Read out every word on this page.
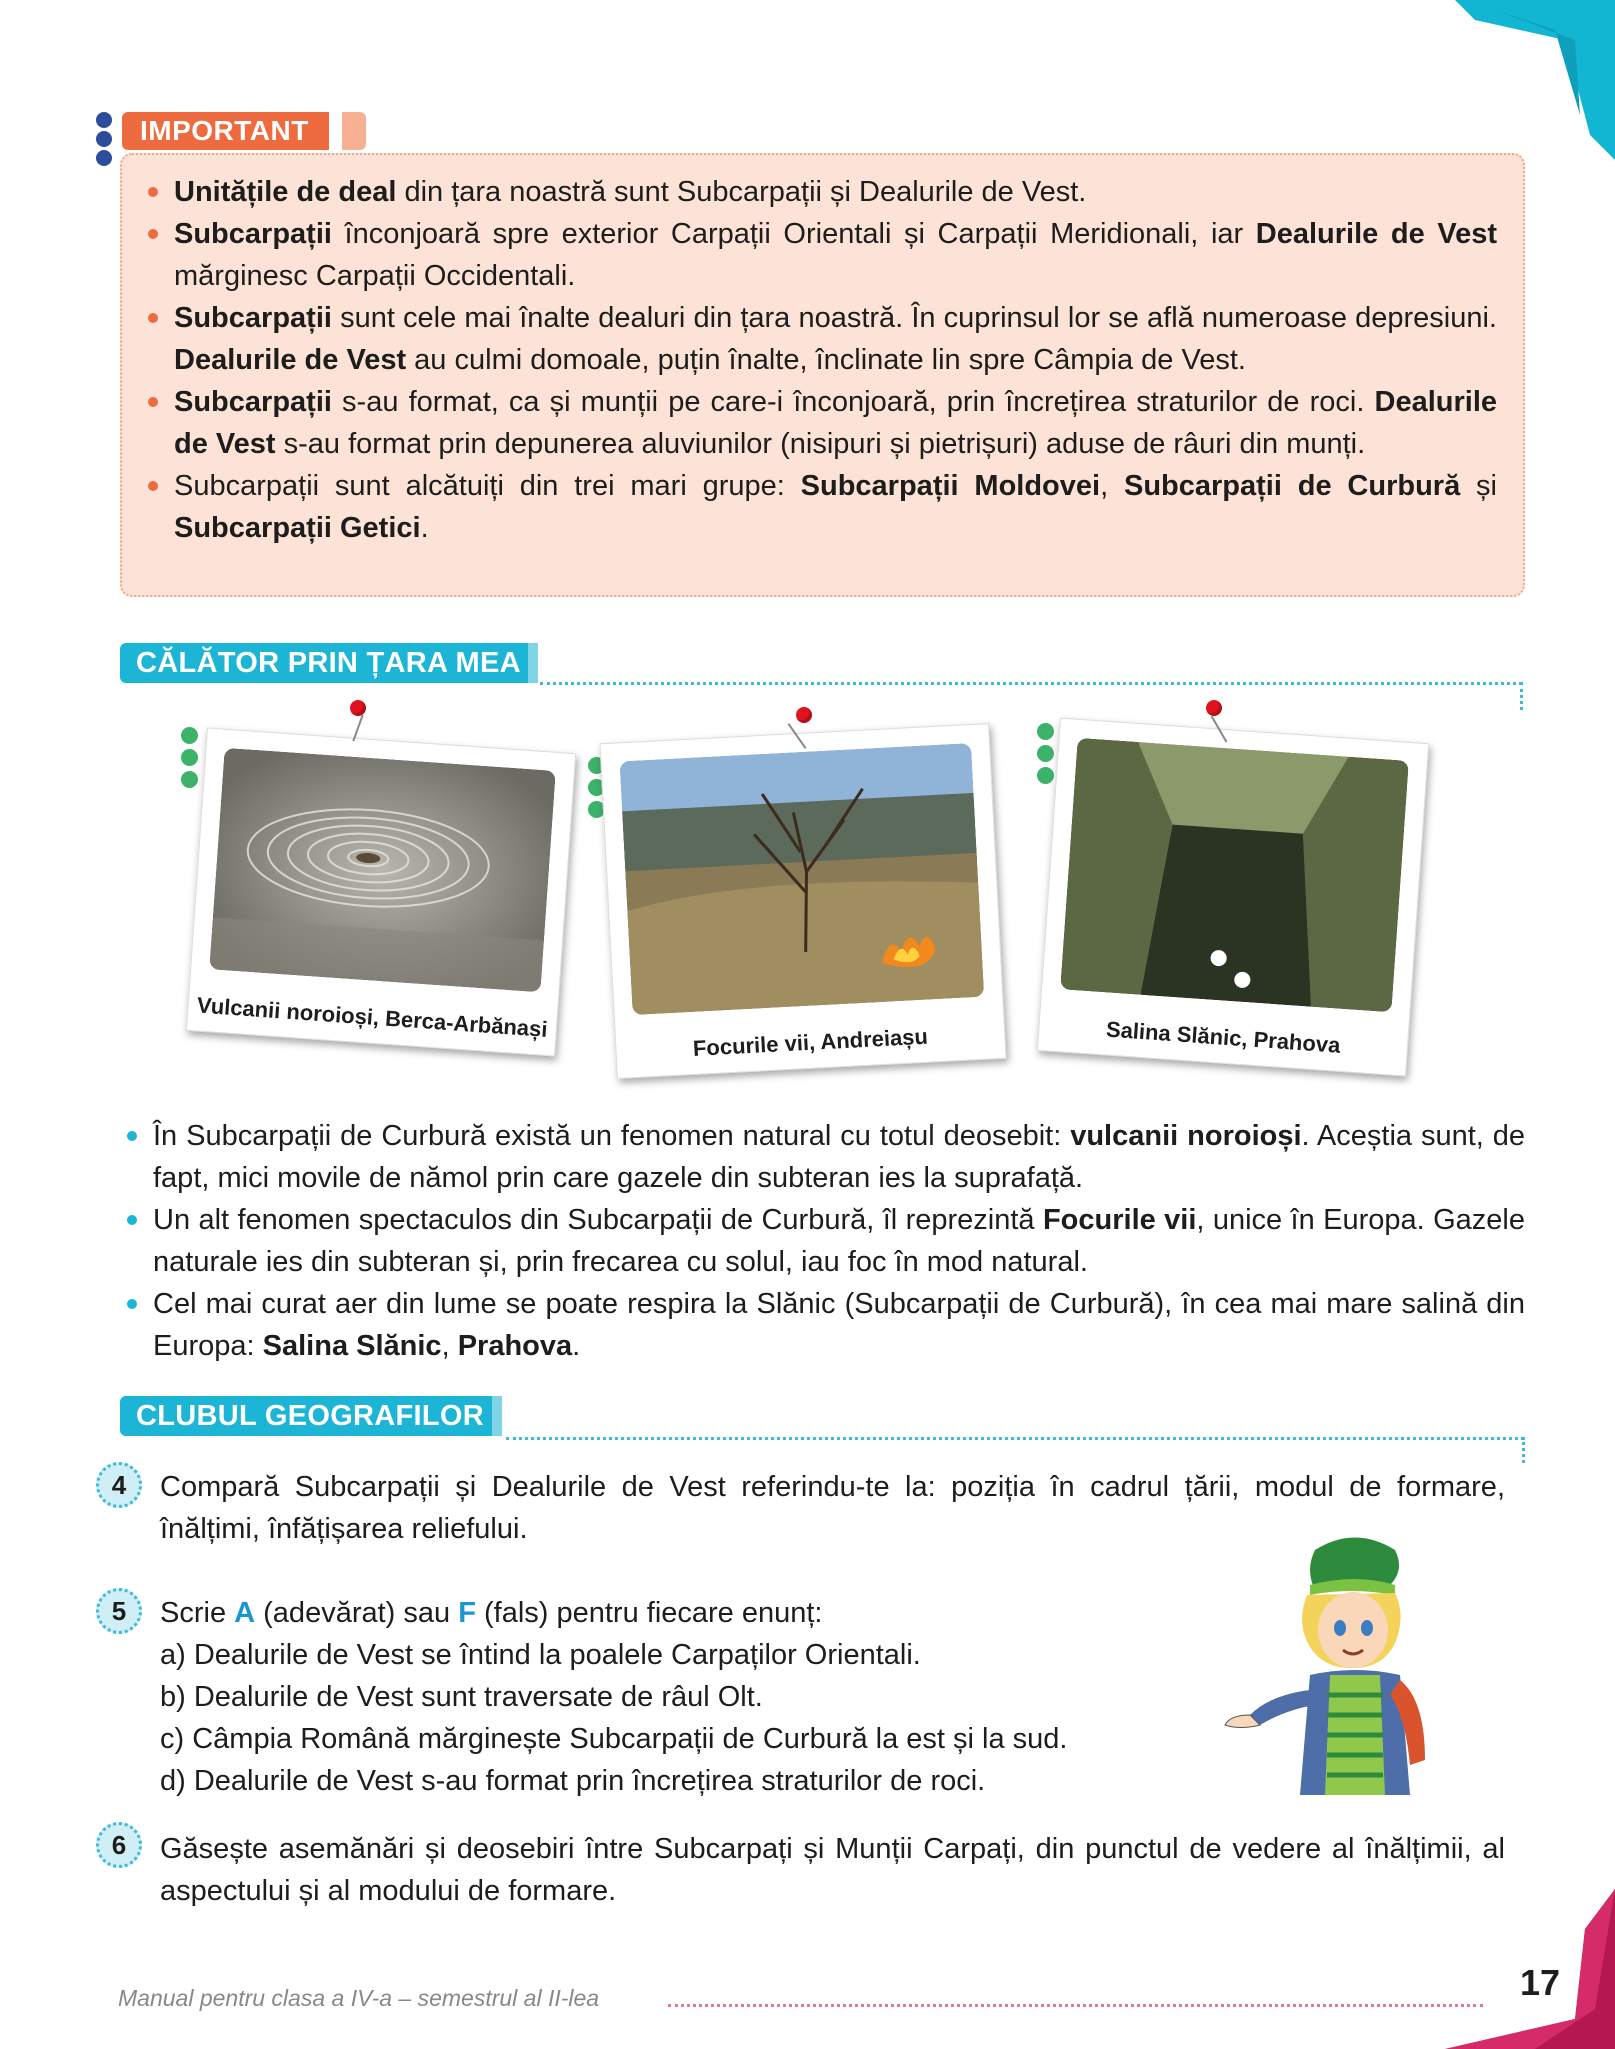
IMPORTANT
Unitățile de deal din țara noastră sunt Subcarpații și Dealurile de Vest.
Subcarpații înconjoară spre exterior Carpații Orientali și Carpații Meridionali, iar Dealurile de Vest mărginesc Carpații Occidentali.
Subcarpații sunt cele mai înalte dealuri din țara noastră. În cuprinsul lor se află numeroase depresiuni. Dealurile de Vest au culmi domoale, puțin înalte, înclinate lin spre Câmpia de Vest.
Subcarpații s-au format, ca și munții pe care-i înconjoară, prin încrețirea straturilor de roci. Dealurile de Vest s-au format prin depunerea aluviunilor (nisipuri și pietrișuri) aduse de râuri din munți.
Subcarpații sunt alcătuiți din trei mari grupe: Subcarpații Moldovei, Subcarpații de Curbură și Subcarpații Getici.
CĂLĂTOR PRIN ȚARA MEA
Vulcanii noroioși, Berca-Arbănași
Focurile vii, Andreiașu	Salina Slănic, Prahova
În Subcarpații de Curbură există un fenomen natural cu totul deosebit: vulcanii noroioși. Aceștia sunt, de fapt, mici movile de nămol prin care gazele din subteran ies la suprafață.
Un alt fenomen spectaculos din Subcarpații de Curbură, îl reprezintă Focurile vii, unice în Europa. Gazele naturale ies din subteran și, prin frecarea cu solul, iau foc în mod natural.
Cel mai curat aer din lume se poate respira la Slănic (Subcarpații de Curbură), în cea mai mare salină din Europa: Salina Slănic, Prahova.
CLUBUL GEOGRAFILOR
4	Compară Subcarpații și Dealurile de Vest referindu-te la: poziția în cadrul țării, modul de formare, înălțimi, înfățișarea reliefului.
5	Scrie A (adevărat) sau F (fals) pentru fiecare enunț:
a) Dealurile de Vest se întind la poalele Carpaților Orientali.
b) Dealurile de Vest sunt traversate de râul Olt.
c) Câmpia Română mărginește Subcarpații de Curbură la est și la sud.
d) Dealurile de Vest s-au format prin încrețirea straturilor de roci.
6	Găsește asemănări și deosebiri între Subcarpați și Munții Carpați, din punctul de vedere al înălțimii, al aspectului și al modului de formare.
Manual pentru clasa a IV-a – semestrul al II-lea	17
